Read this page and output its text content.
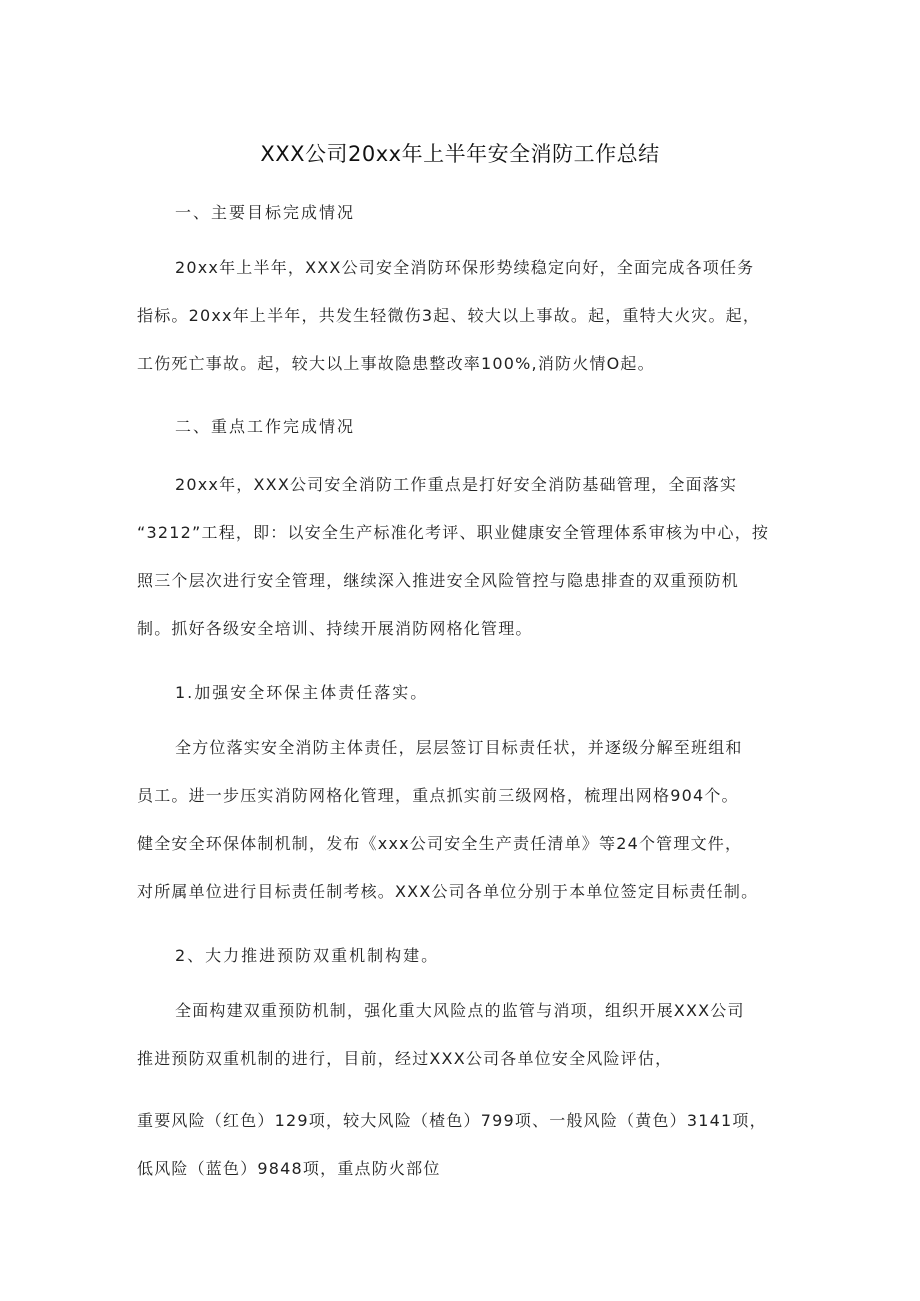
XXX公司20xx年上半年安全消防工作总结
一、主要目标完成情况
20xx年上半年，XXX公司安全消防环保形势续稳定向好，全面完成各项任务
指标。20xx年上半年，共发生轻微伤3起、较大以上事故。起，重特大火灾。起，
工伤死亡事故。起，较大以上事故隐患整改率100%,消防火情O起。
二、重点工作完成情况
20xx年，XXX公司安全消防工作重点是打好安全消防基础管理，全面落实
“3212”工程，即：以安全生产标准化考评、职业健康安全管理体系审核为中心，按
照三个层次进行安全管理，继续深入推进安全风险管控与隐患排查的双重预防机
制。抓好各级安全培训、持续开展消防网格化管理。
1.加强安全环保主体责任落实。
全方位落实安全消防主体责任，层层签订目标责任状，并逐级分解至班组和
员工。进一步压实消防网格化管理，重点抓实前三级网格，梳理出网格904个。
健全安全环保体制机制，发布《xxx公司安全生产责任清单》等24个管理文件，
对所属单位进行目标责任制考核。XXX公司各单位分别于本单位签定目标责任制。
2、大力推进预防双重机制构建。
全面构建双重预防机制，强化重大风险点的监管与消项，组织开展XXX公司
推进预防双重机制的进行，目前，经过XXX公司各单位安全风险评估，
重要风险（红色）129项，较大风险（楂色）799项、一般风险（黄色）3141项，
低风险（蓝色）9848项，重点防火部位
